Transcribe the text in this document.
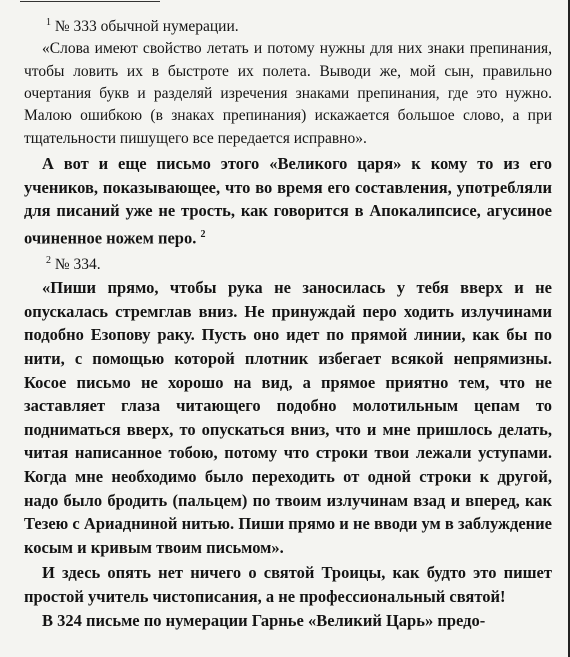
$^1$ № 333 обычной нумерации.

«Слова имеют свойство летать и потому нужны для них знаки препинания, чтобы ловить их в быстроте их полета. Выводи же, мой сын, правильно очертания букв и разделяй изречения знаками препинания, где это нужно. Малою ошибкою (в знаках препинания) искажается большое слово, а при тщательности пишущего все передается исправно».

А вот и еще письмо этого «Великого царя» к кому то из его учеников, показывающее, что во время его составления, употребляли для писаний уже не трость, как говорится в Апокалипсисе, агусиное очиненное ножем перо. $^2$

$^2$ № 334.

«Пиши прямо, чтобы рука не заносилась у тебя вверх и не опускалась стремглав вниз. Не принуждай перо ходить излучинами подобно Езопову раку. Пусть оно идет по прямой линии, как бы по нити, с помощью которой плотник избегает всякой непрямизны. Косое письмо не хорошо на вид, а прямое приятно тем, что не заставляет глаза читающего подобно молотильным цепам то подниматься вверх, то опускаться вниз, что и мне пришлось делать, читая написанное тобою, потому что строки твои лежали уступами. Когда мне необходимо было переходить от одной строки к другой, надо было бродить (пальцем) по твоим излучинам взад и вперед, как Тезею с Ариадниной нитью. Пиши прямо и не вводи ум в заблуждение косым и кривым твоим письмом».

И здесь опять нет ничего о святой Троицы, как будто это пишет простой учитель чистописания, а не профессиональный святой!

В 324 письме по нумерации Гарнье «Великий Царь» предо-
